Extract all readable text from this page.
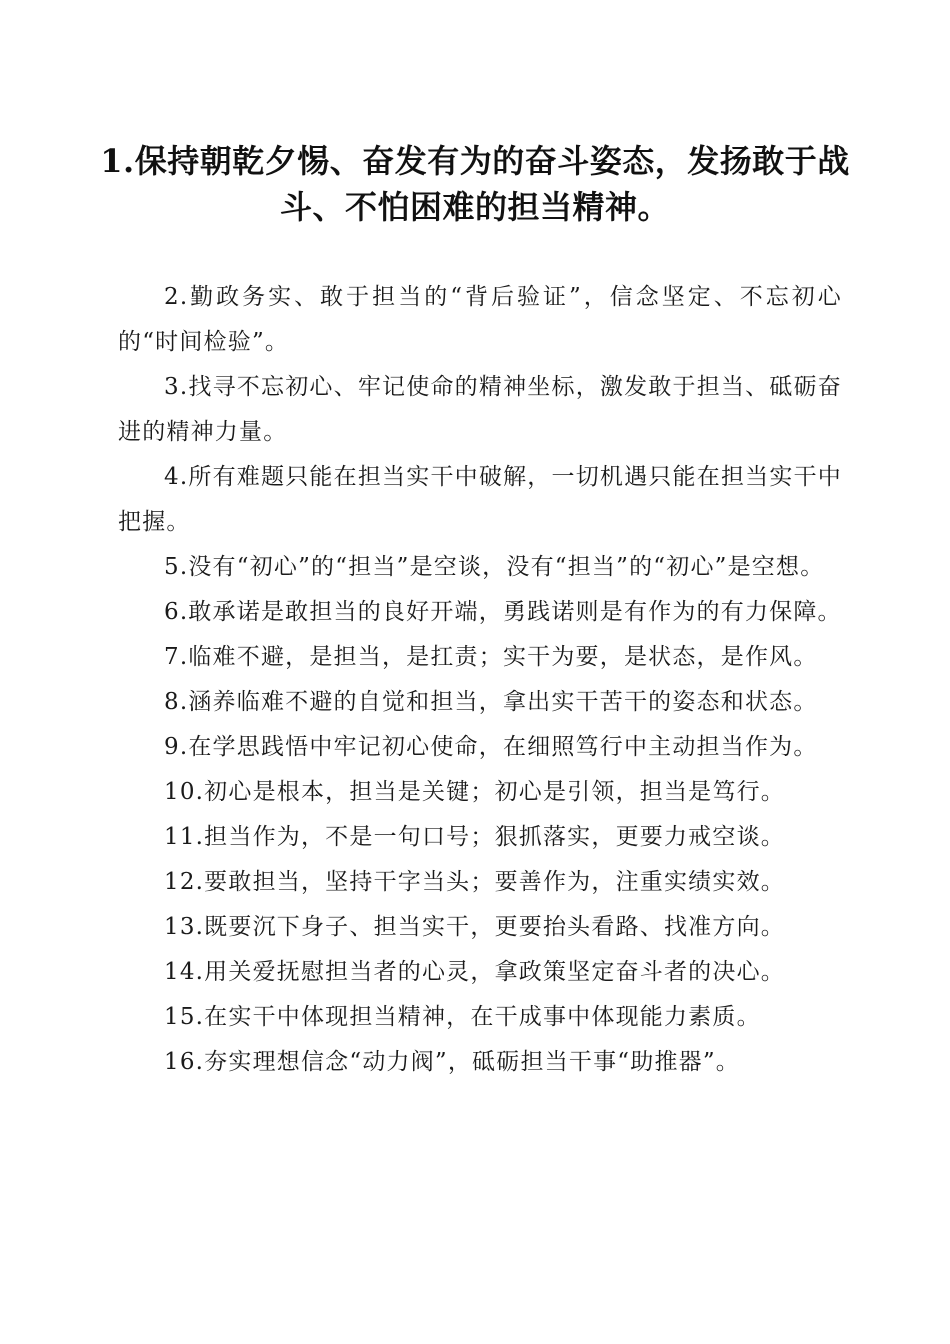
1.保持朝乾夕惕、奋发有为的奋斗姿态，发扬敢于战斗、不怕困难的担当精神。

2.勤政务实、敢于担当的“背后验证”，信念坚定、不忘初心的“时间检验”。

3.找寻不忘初心、牢记使命的精神坐标，激发敢于担当、砥砺奋进的精神力量。

4.所有难题只能在担当实干中破解，一切机遇只能在担当实干中把握。

5.没有“初心”的“担当”是空谈，没有“担当”的“初心”是空想。

6.敢承诺是敢担当的良好开端，勇践诺则是有作为的有力保障。

7.临难不避，是担当，是扛责；实干为要，是状态，是作风。

8.涵养临难不避的自觉和担当，拿出实干苦干的姿态和状态。

9.在学思践悟中牢记初心使命，在细照笃行中主动担当作为。

10.初心是根本，担当是关键；初心是引领，担当是笃行。

11.担当作为，不是一句口号；狠抓落实，更要力戒空谈。

12.要敢担当，坚持干字当头；要善作为，注重实绩实效。

13.既要沉下身子、担当实干，更要抬头看路、找准方向。

14.用关爱抚慰担当者的心灵，拿政策坚定奋斗者的决心。

15.在实干中体现担当精神，在干成事中体现能力素质。

16.夯实理想信念“动力阀”，砥砺担当干事“助推器”。
